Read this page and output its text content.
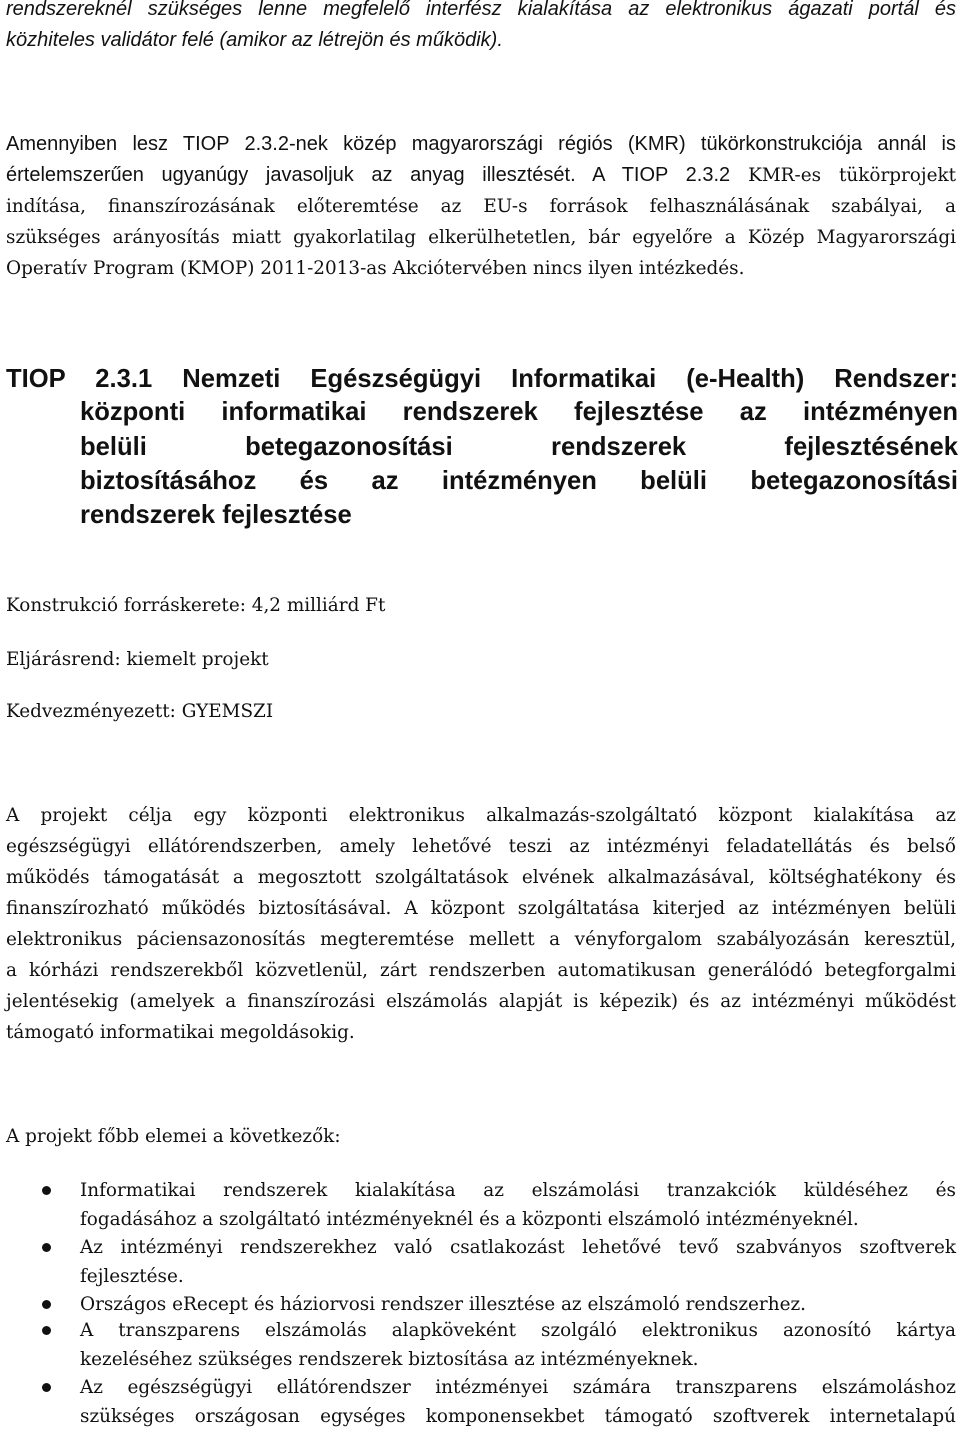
rendszereknél szükséges lenne megfelelő interfész kialakítása az elektronikus ágazati portál és
közhiteles validátor felé (amikor az létrejön és működik).
Amennyiben lesz TIOP 2.3.2-nek közép magyarországi régiós (KMR) tükörkonstrukciója annál is
értelemszerűen ugyanúgy javasoljuk az anyag illesztését. A TIOP 2.3.2 KMR-es tükörprojekt
indítása, finanszírozásának előteremtése az EU-s források felhasználásának szabályai, a
szükséges arányosítás miatt gyakorlatilag elkerülhetetlen, bár egyelőre a Közép Magyarországi
Operatív Program (KMOP) 2011-2013-as Akciótervében nincs ilyen intézkedés.
TIOP 2.3.1 Nemzeti Egészségügyi Informatikai (e-Health) Rendszer:
központi informatikai rendszerek fejlesztése az intézményen
belüli betegazonosítási rendszerek fejlesztésének
biztosításához és az intézményen belüli betegazonosítási
rendszerek fejlesztése
Konstrukció forráskerete: 4,2 milliárd Ft
Eljárásrend: kiemelt projekt
Kedvezményezett: GYEMSZI
A projekt célja egy központi elektronikus alkalmazás-szolgáltató központ kialakítása az
egészségügyi ellátórendszerben, amely lehetővé teszi az intézményi feladatellátás és belső
működés támogatását a megosztott szolgáltatások elvének alkalmazásával, költséghatékony és
finanszírozható működés biztosításával. A központ szolgáltatása kiterjed az intézményen belüli
elektronikus páciensazonosítás megteremtése mellett a vényforgalom szabályozásán keresztül,
a kórházi rendszerekből közvetlenül, zárt rendszerben automatikusan generálódó betegforgalmi
jelentésekig (amelyek a finanszírozási elszámolás alapját is képezik) és az intézményi működést
támogató informatikai megoldásokig.
A projekt főbb elemei a következők:
Informatikai rendszerek kialakítása az elszámolási tranzakciók küldéséhez és
fogadásához a szolgáltató intézményeknél és a központi elszámoló intézményeknél.
Az intézményi rendszerekhez való csatlakozást lehetővé tevő szabványos szoftverek
fejlesztése.
Országos eRecept és háziorvosi rendszer illesztése az elszámoló rendszerhez.
A transzparens elszámolás alapköveként szolgáló elektronikus azonosító kártya
kezeléséhez szükséges rendszerek biztosítása az intézményeknek.
Az egészségügyi ellátórendszer intézményei számára transzparens elszámoláshoz
szükséges országosan egységes komponensekbet támogató szoftverek internetalapú
